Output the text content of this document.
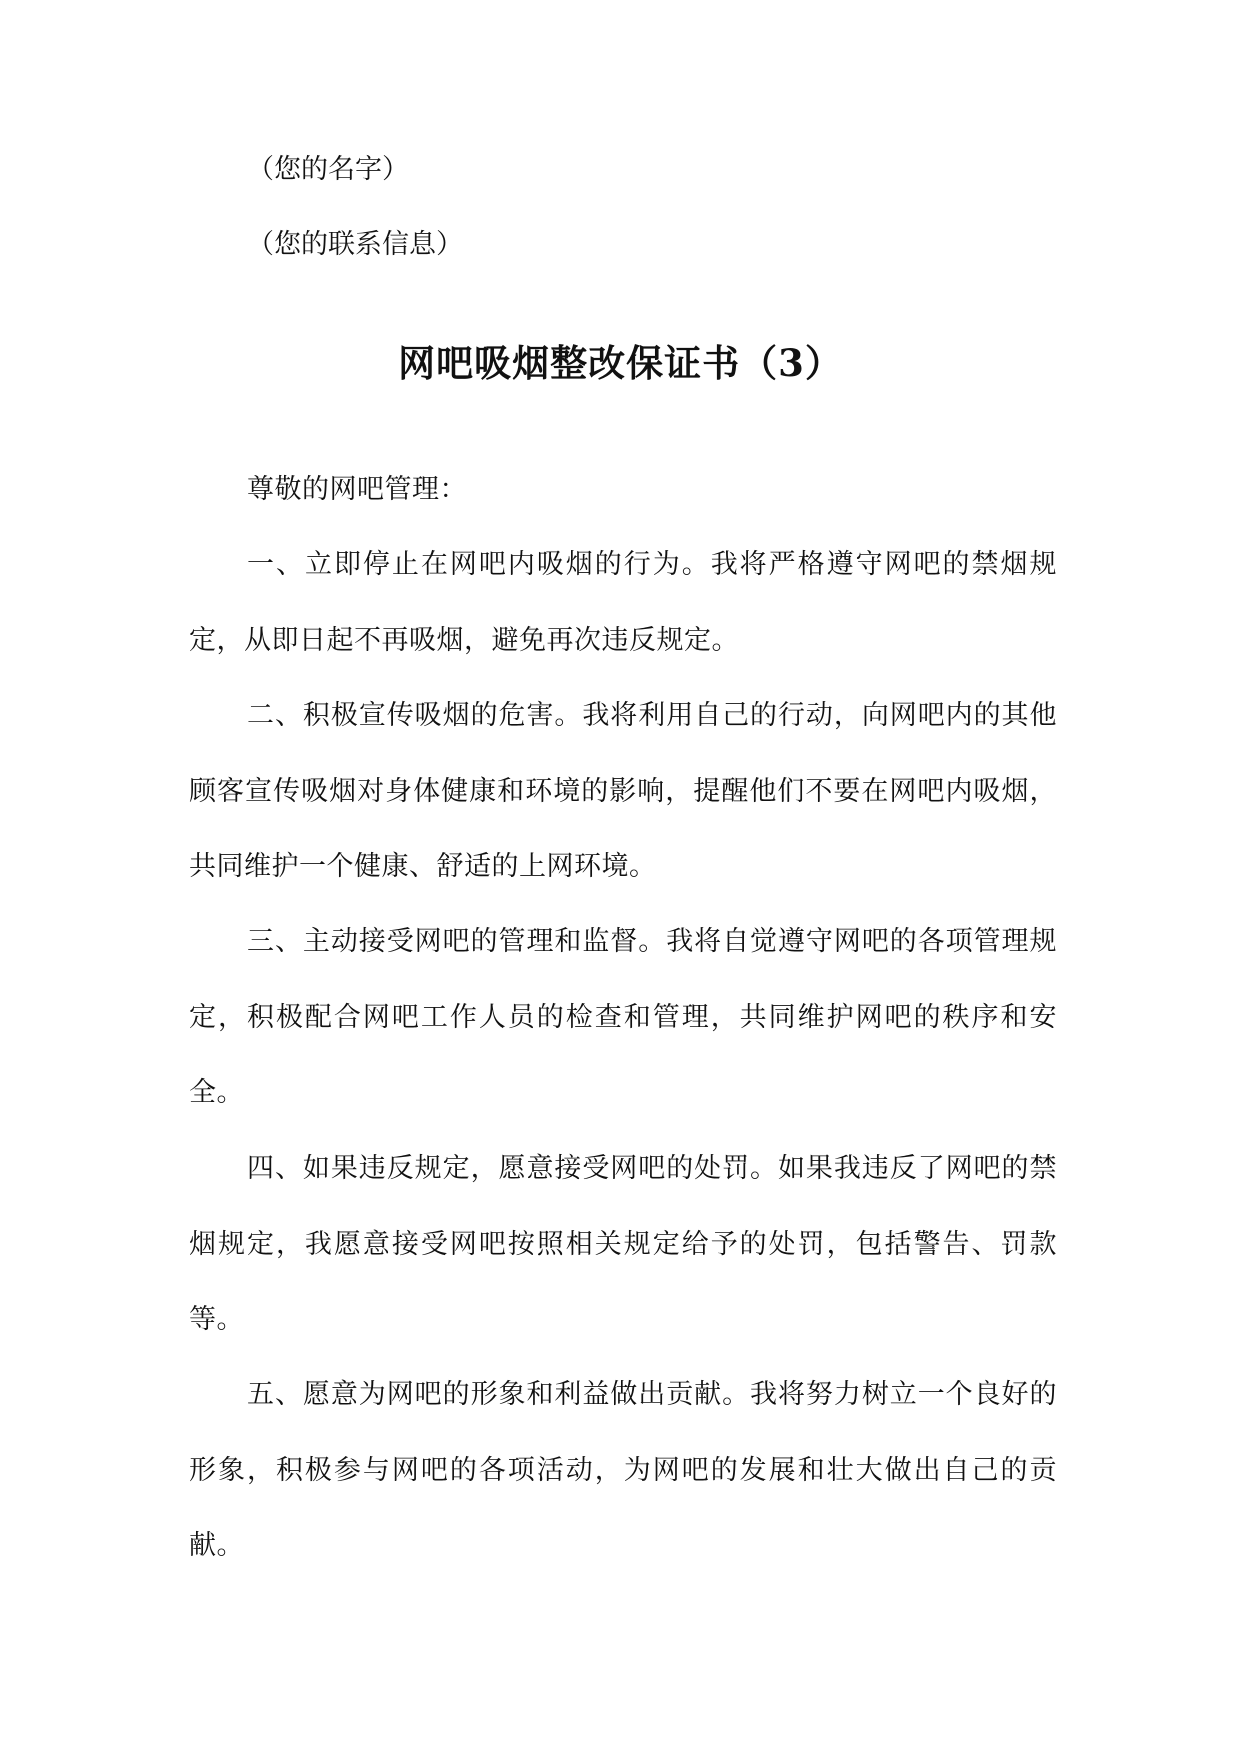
（您的名字）

（您的联系信息）

网吧吸烟整改保证书（3）

尊敬的网吧管理：

一、立即停止在网吧内吸烟的行为。我将严格遵守网吧的禁烟规定，从即日起不再吸烟，避免再次违反规定。

二、积极宣传吸烟的危害。我将利用自己的行动，向网吧内的其他顾客宣传吸烟对身体健康和环境的影响，提醒他们不要在网吧内吸烟，共同维护一个健康、舒适的上网环境。

三、主动接受网吧的管理和监督。我将自觉遵守网吧的各项管理规定，积极配合网吧工作人员的检查和管理，共同维护网吧的秩序和安全。

四、如果违反规定，愿意接受网吧的处罚。如果我违反了网吧的禁烟规定，我愿意接受网吧按照相关规定给予的处罚，包括警告、罚款等。

五、愿意为网吧的形象和利益做出贡献。我将努力树立一个良好的形象，积极参与网吧的各项活动，为网吧的发展和壮大做出自己的贡献。
